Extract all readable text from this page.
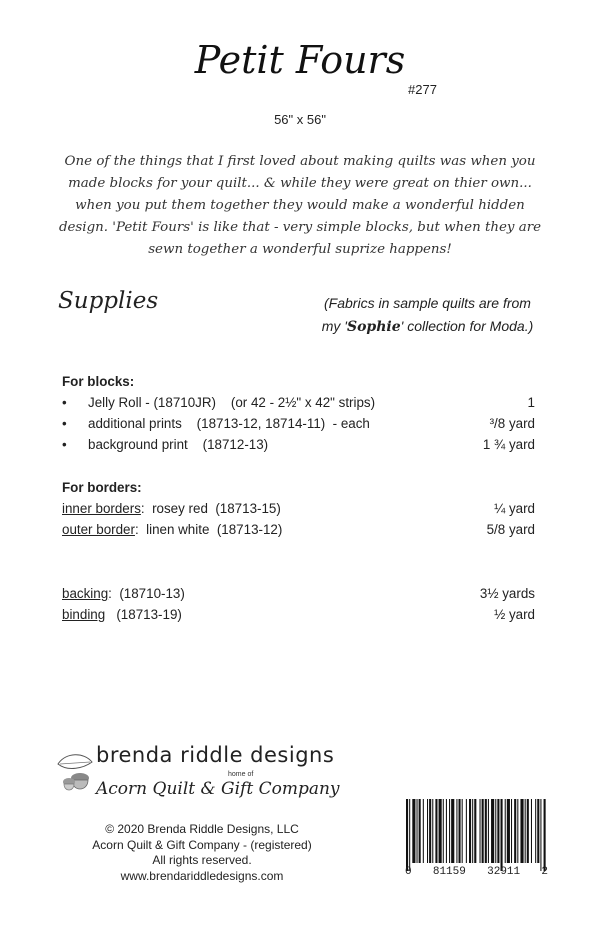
Petit Fours
#277
56" x 56"
One of the things that I first loved about making quilts was when you made blocks for your quilt... & while they were great on thier own... when you put them together they would make a wonderful hidden design. 'Petit Fours' is like that - very simple blocks, but when they are sewn together a wonderful suprize happens!
Supplies	(Fabrics in sample quilts are from
my 'Sophie' collection for Moda.)
For blocks:
•	Jelly Roll - (18710JR)    (or 42 - 2½" x 42" strips)	1
•	additional prints    (18713-12, 18714-11)  - each	³/8 yard
•	background print    (18712-13)	1 ¾ yard
For borders:
inner borders :  rosey red  (18713-15)	¼ yard
outer border :  linen white  (18713-12)	5/8 yard
backing :  (18710-13)	3½ yards
binding (18713-19)	½ yard
brenda riddle designs
home of
Acorn Quilt & Gift Company
© 2020 Brenda Riddle Designs, LLC
Acorn Quilt & Gift Company - (registered)
All rights reserved.
www.brendariddledesigns.com	0 81159 32911 2
